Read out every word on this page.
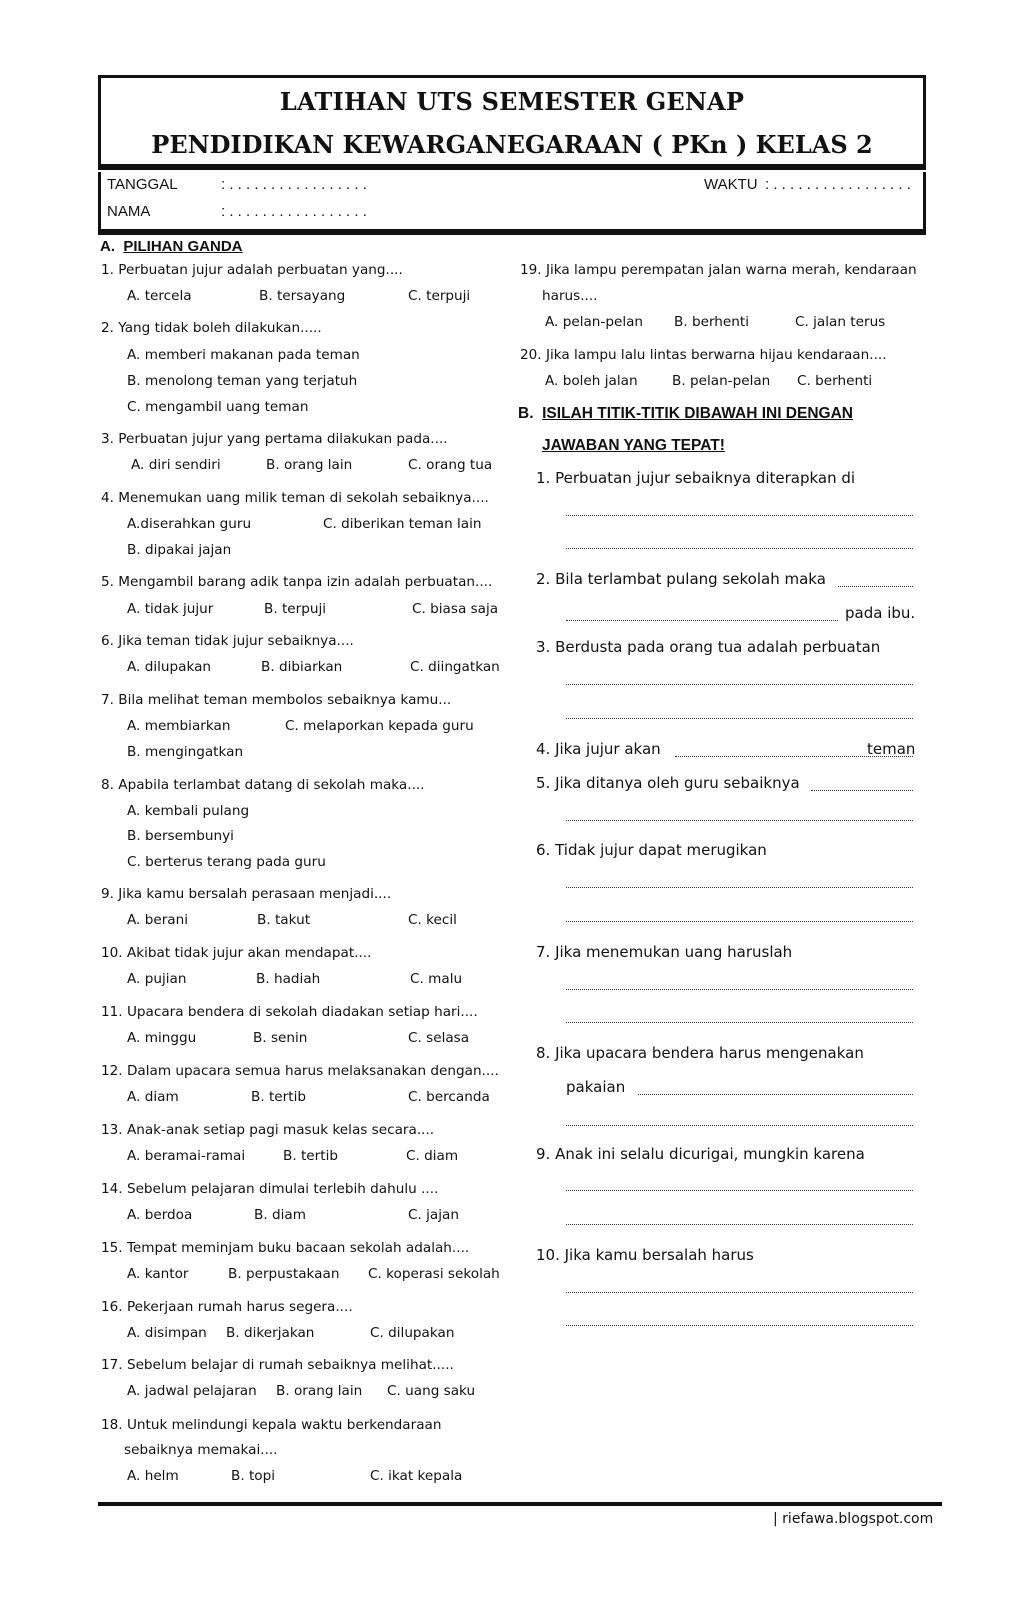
LATIHAN UTS SEMESTER GENAP
PENDIDIKAN KEWARGANEGARAAN ( PKn ) KELAS 2
TANGGAL	: . . . . . . . . . . . . . . . . .	WAKTU : . . . . . . . . . . . . . . . . .
NAMA	: . . . . . . . . . . . . . . . . .
A. PILIHAN GANDA
1. Perbuatan jujur adalah perbuatan yang....
A. tercela	B. tersayang	C. terpuji
2. Yang tidak boleh dilakukan.....
A. memberi makanan pada teman
B. menolong teman yang terjatuh
C. mengambil uang teman
3. Perbuatan jujur yang pertama dilakukan pada....
A. diri sendiri	B. orang lain	C. orang tua
4. Menemukan uang milik teman di sekolah sebaiknya....
A.diserahkan guru	C. diberikan teman lain
B. dipakai jajan
5. Mengambil barang adik tanpa izin adalah perbuatan....
A. tidak jujur	B. terpuji	C. biasa saja
6. Jika teman tidak jujur sebaiknya....
A. dilupakan	B. dibiarkan	C. diingatkan
7. Bila melihat teman membolos sebaiknya kamu...
A. membiarkan	C. melaporkan kepada guru
B. mengingatkan
8. Apabila terlambat datang di sekolah maka....
A. kembali pulang
B. bersembunyi
C. berterus terang pada guru
9. Jika kamu bersalah perasaan menjadi....
A. berani	B. takut	C. kecil
10. Akibat tidak jujur akan mendapat....
A. pujian	B. hadiah	C. malu
11. Upacara bendera di sekolah diadakan setiap hari....
A. minggu	B. senin	C. selasa
12. Dalam upacara semua harus melaksanakan dengan....
A. diam	B. tertib	C. bercanda
13. Anak-anak setiap pagi masuk kelas secara....
A. beramai-ramai	B. tertib	C. diam
14. Sebelum pelajaran dimulai terlebih dahulu ....
A. berdoa	B. diam	C. jajan
15. Tempat meminjam buku bacaan sekolah adalah....
A. kantor	B. perpustakaan C. koperasi sekolah
16. Pekerjaan rumah harus segera....
A. disimpan B. dikerjakan	C. dilupakan
17. Sebelum belajar di rumah sebaiknya melihat.....
A. jadwal pelajaran B. orang lain C. uang saku
18. Untuk melindungi kepala waktu berkendaraan
sebaiknya memakai....
A. helm	B. topi	C. ikat kepala
19. Jika lampu perempatan jalan warna merah, kendaraan
harus....
A. pelan-pelan B. berhenti	C. jalan terus
20. Jika lampu lalu lintas berwarna hijau kendaraan....
A. boleh jalan	B. pelan-pelan C. berhenti
B. ISILAH TITIK-TITIK DIBAWAH INI DENGAN
JAWABAN YANG TEPAT!
1. Perbuatan jujur sebaiknya diterapkan di
2. Bila terlambat pulang sekolah maka
pada ibu.
3. Berdusta pada orang tua adalah perbuatan
4. Jika jujur akan	teman
5. Jika ditanya oleh guru sebaiknya
6. Tidak jujur dapat merugikan
7. Jika menemukan uang haruslah
8. Jika upacara bendera harus mengenakan
pakaian
9. Anak ini selalu dicurigai, mungkin karena
10. Jika kamu bersalah harus
| riefawa.blogspot.com
